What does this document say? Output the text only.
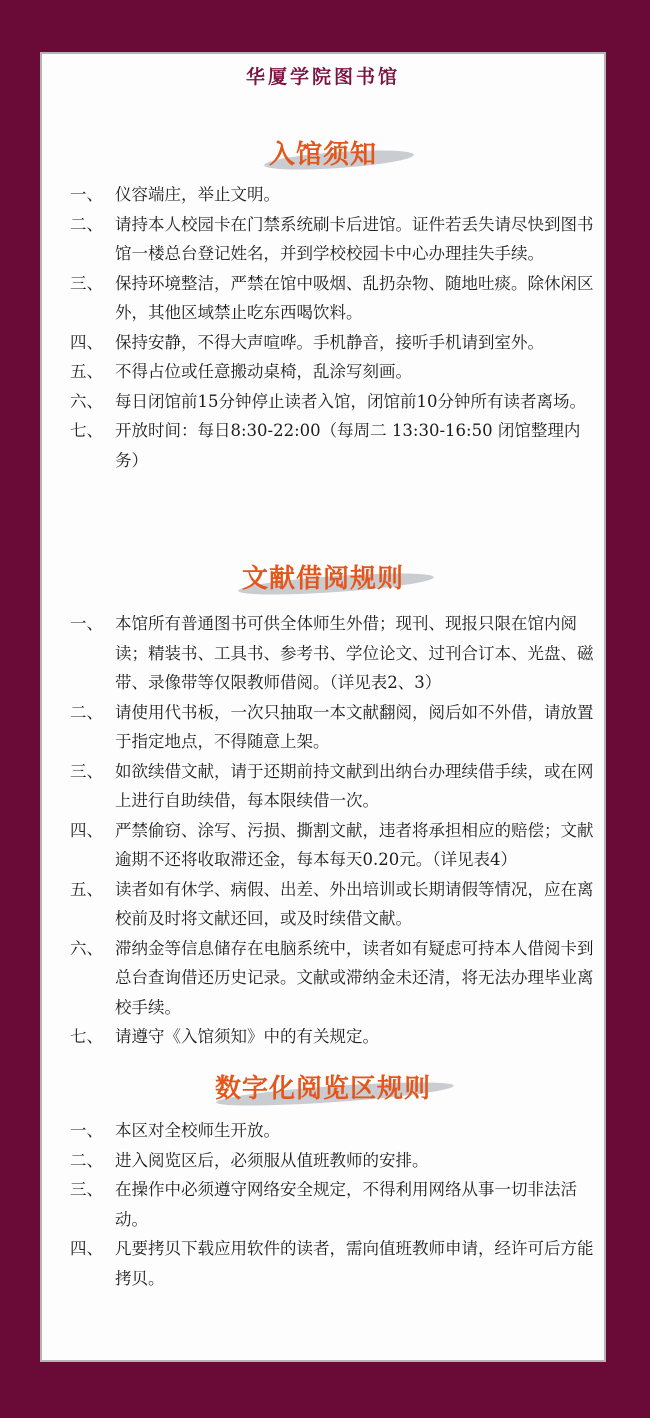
华厦学院图书馆
入馆须知
一、 仪容端庄，举止文明。
二、 请持本人校园卡在门禁系统刷卡后进馆。证件若丢失请尽快到图书馆一楼总台登记姓名，并到学校校园卡中心办理挂失手续。
三、 保持环境整洁，严禁在馆中吸烟、乱扔杂物、随地吐痰。除休闲区外，其他区域禁止吃东西喝饮料。
四、 保持安静，不得大声喧哗。手机静音，接听手机请到室外。
五、 不得占位或任意搬动桌椅，乱涂写刻画。
六、 每日闭馆前15分钟停止读者入馆，闭馆前10分钟所有读者离场。
七、 开放时间：每日8:30-22:00（每周二 13:30-16:50 闭馆整理内务）
文献借阅规则
一、 本馆所有普通图书可供全体师生外借；现刊、现报只限在馆内阅读；精装书、工具书、参考书、学位论文、过刊合订本、光盘、磁带、录像带等仅限教师借阅。（详见表2、3）
二、 请使用代书板，一次只抽取一本文献翻阅，阅后如不外借，请放置于指定地点，不得随意上架。
三、 如欲续借文献，请于还期前持文献到出纳台办理续借手续，或在网上进行自助续借，每本限续借一次。
四、 严禁偷窃、涂写、污损、撕割文献，违者将承担相应的赔偿；文献逾期不还将收取滞还金，每本每天0.20元。（详见表4）
五、 读者如有休学、病假、出差、外出培训或长期请假等情况，应在离校前及时将文献还回，或及时续借文献。
六、 滞纳金等信息储存在电脑系统中，读者如有疑虑可持本人借阅卡到总台查询借还历史记录。文献或滞纳金未还清，将无法办理毕业离校手续。
七、 请遵守《入馆须知》中的有关规定。
数字化阅览区规则
一、 本区对全校师生开放。
二、 进入阅览区后，必须服从值班教师的安排。
三、 在操作中必须遵守网络安全规定，不得利用网络从事一切非法活动。
四、 凡要拷贝下载应用软件的读者，需向值班教师申请，经许可后方能拷贝。
